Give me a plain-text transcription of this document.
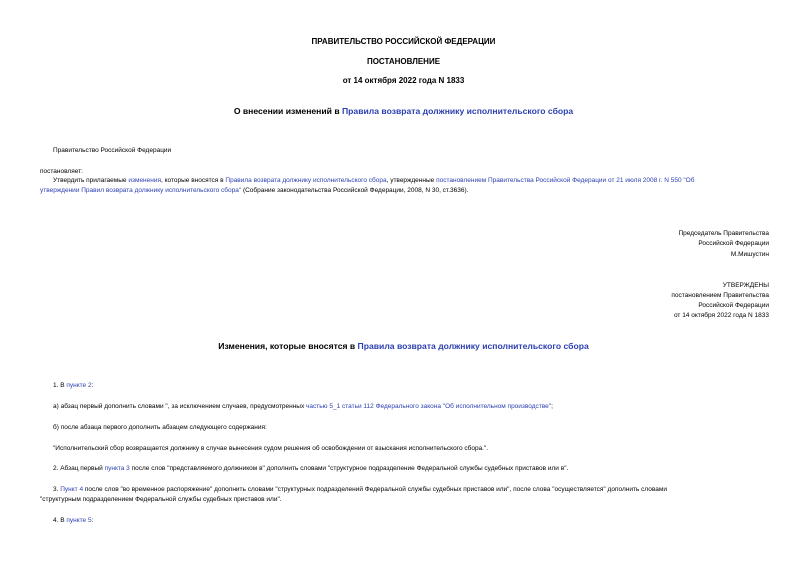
ПРАВИТЕЛЬСТВО РОССИЙСКОЙ ФЕДЕРАЦИИ
ПОСТАНОВЛЕНИЕ
от 14 октября 2022 года N 1833
О внесении изменений в Правила возврата должнику исполнительского сбора
Правительство Российской Федерации
постановляет:
Утвердить прилагаемые изменения, которые вносятся в Правила возврата должнику исполнительского сбора, утвержденные постановлением Правительства Российской Федерации от 21 июля 2008 г. N 550 "Об
утверждении Правил возврата должнику исполнительского сбора" (Собрание законодательства Российской Федерации, 2008, N 30, ст.3636).
Председатель Правительства
Российской Федерации
М.Мишустин
УТВЕРЖДЕНЫ
постановлением Правительства
Российской Федерации
от 14 октября 2022 года N 1833
Изменения, которые вносятся в Правила возврата должнику исполнительского сбора
1. В пункте 2:
а) абзац первый дополнить словами ", за исключением случаев, предусмотренных частью 5_1 статьи 112 Федерального закона "Об исполнительном производстве";
б) после абзаца первого дополнить абзацем следующего содержания:
"Исполнительский сбор возвращается должнику в случае вынесения судом решения об освобождении от взыскания исполнительского сбора.".
2. Абзац первый пункта 3 после слов "представляемого должником в" дополнить словами "структурное подразделение Федеральной службы судебных приставов или в".
3. Пункт 4 после слов "во временное распоряжение" дополнить словами "структурных подразделений Федеральной службы судебных приставов или", после слова "осуществляется" дополнить словами
"структурным подразделением Федеральной службы судебных приставов или".
4. В пункте 5:
